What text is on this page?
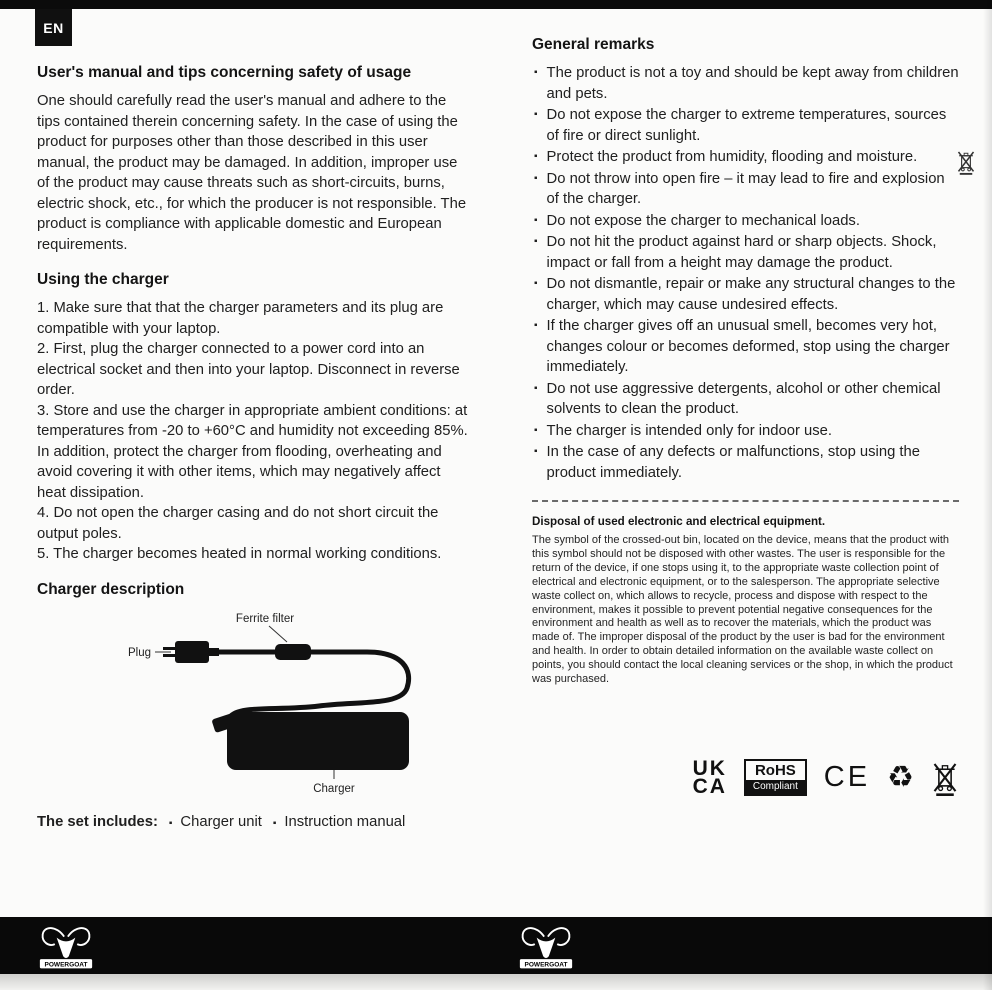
EN
User's manual and tips concerning safety of usage

One should carefully read the user's manual and adhere to the tips contained therein concerning safety. In the case of using the product for purposes other than those described in this user manual, the product may be damaged. In addition, improper use of the product may cause threats such as short-circuits, burns, electric shock, etc., for which the producer is not responsible. The product is compliance with applicable domestic and European requirements.

Using the charger

1. Make sure that that the charger parameters and its plug are compatible with your laptop.

2. First, plug the charger connected to a power cord into an electrical socket and then into your laptop. Disconnect in reverse order.

3. Store and use the charger in appropriate ambient conditions: at temperatures from -20 to +60°C and humidity not exceeding 85%. In addition, protect the charger from flooding, overheating and avoid covering it with other items, which may negatively affect heat dissipation.

4. Do not open the charger casing and do not short circuit the output poles.

5. The charger becomes heated in normal working conditions.

Charger description
Ferrite filter
Plug
Charger
The set includes: ▪ Charger unit ▪ Instruction manual
General remarks
▪ The product is not a toy and should be kept away from children and pets.
▪ Do not expose the charger to extreme temperatures, sources of fire or direct sunlight.
▪ Protect the product from humidity, flooding and moisture.
▪ Do not throw into open fire – it may lead to fire and explosion of the charger.
▪ Do not expose the charger to mechanical loads.
▪ Do not hit the product against hard or sharp objects. Shock, impact or fall from a height may damage the product.
▪ Do not dismantle, repair or make any structural changes to the charger, which may cause undesired effects.
▪ If the charger gives off an unusual smell, becomes very hot, changes colour or becomes deformed, stop using the charger immediately.
▪ Do not use aggressive detergents, alcohol or other chemical solvents to clean the product.
▪ The charger is intended only for indoor use.
▪ In the case of any defects or malfunctions, stop using the product immediately.
Disposal of used electronic and electrical equipment.

The symbol of the crossed-out bin, located on the device, means that the product with this symbol should not be disposed with other wastes. The user is responsible for the return of the device, if one stops using it, to the appropriate waste collection point of electrical and electronic equipment, or to the salesperson. The appropriate selective waste collect on, which allows to recycle, process and dispose with respect to the environment, makes it possible to prevent potential negative consequences for the environment and health as well as to recover the materials, which the product was made of. The improper disposal of the product by the user is bad for the environment and health. In order to obtain detailed information on the available waste collect on points, you should contact the local cleaning services or the shop, in which the product was purchased.

UK
CA
RoHS
Compliant CE ♻
POWERGOAT	POWERGOAT
